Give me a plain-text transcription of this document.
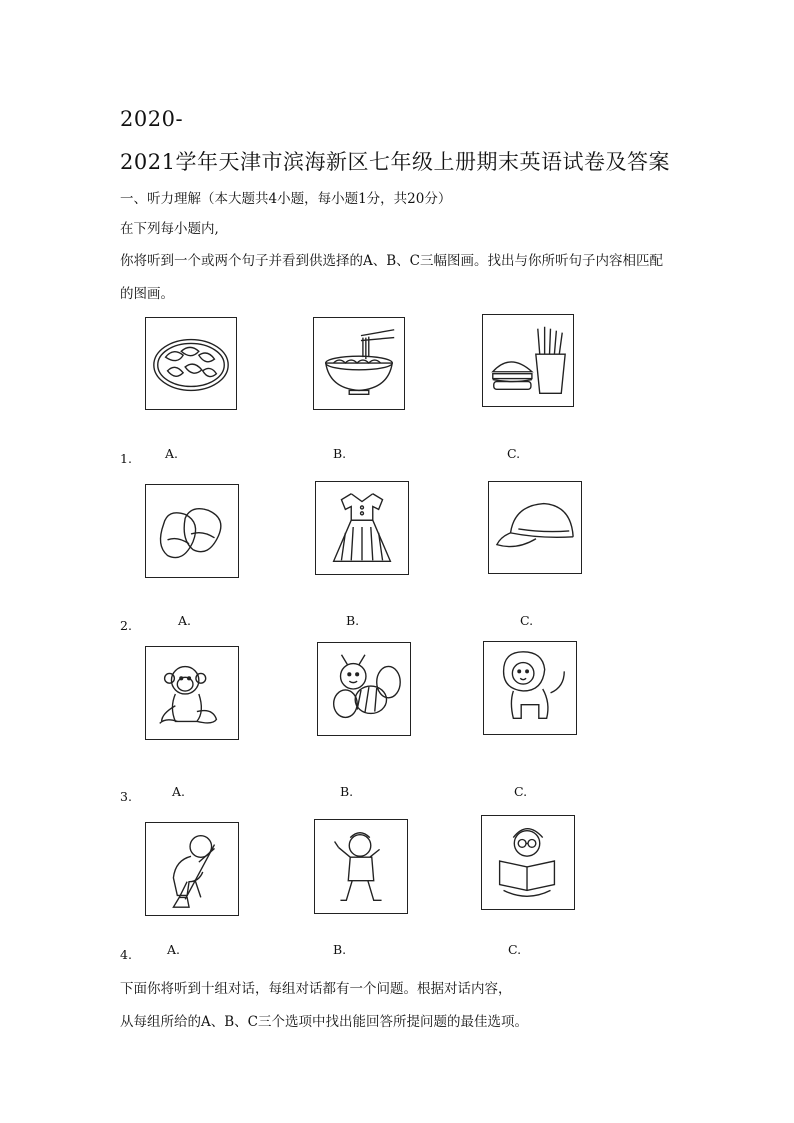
2020-
2021学年天津市滨海新区七年级上册期末英语试卷及答案
一、听力理解（本大题共4小题，每小题1分，共20分）
在下列每小题内,
你将听到一个或两个句子并看到供选择的A、B、C三幅图画。找出与你所听句子内容相匹配
的图画。
1.	A.	B.	C.
2.	A.	B.	C.
3.	A.	B.	C.
4.	A.	B.	C.
下面你将听到十组对话，每组对话都有一个问题。根据对话内容，
从每组所给的A、B、C三个选项中找出能回答所提问题的最佳选项。
